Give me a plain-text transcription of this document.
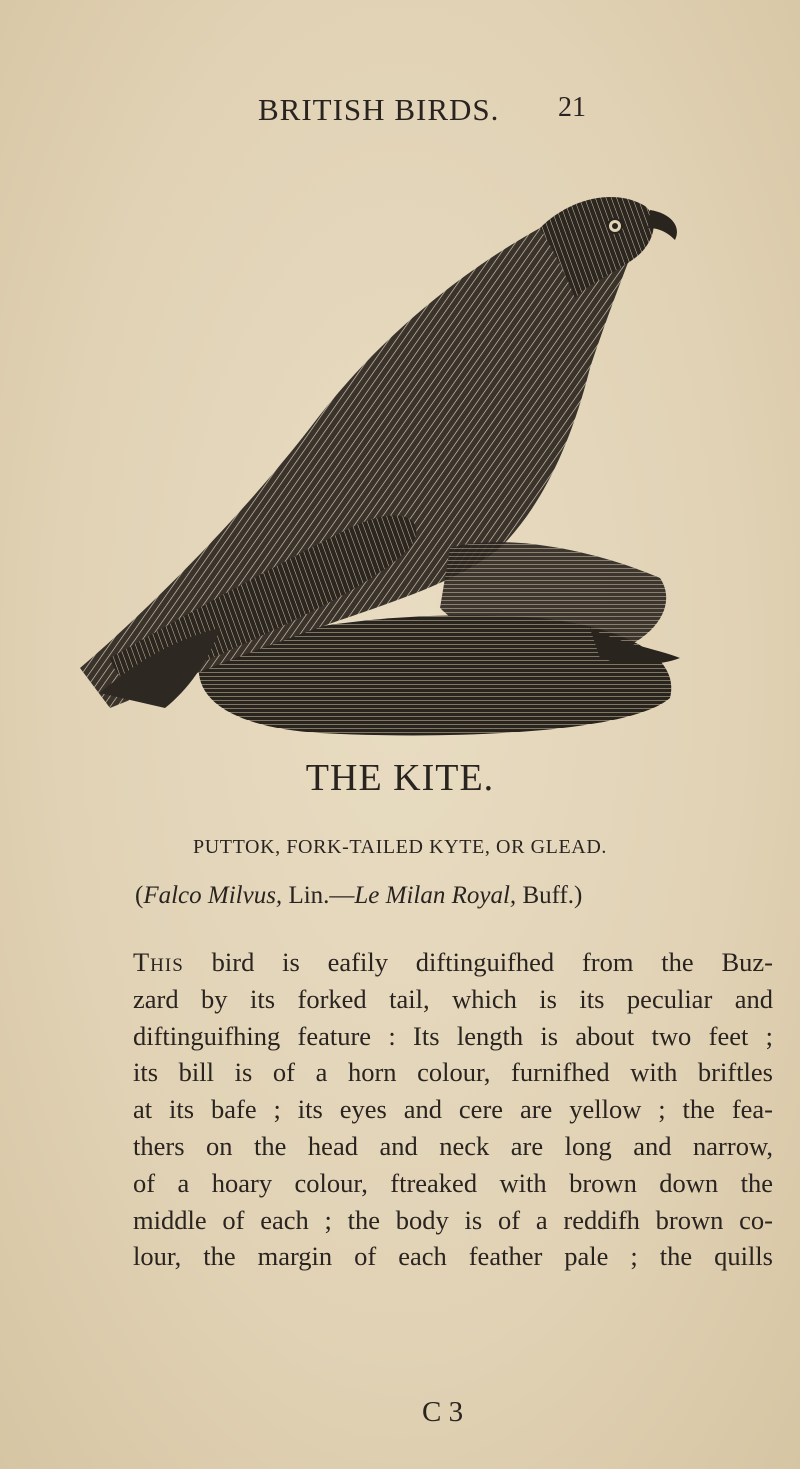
BRITISH BIRDS. 21
THE KITE.
PUTTOK, FORK-TAILED KYTE, OR GLEAD.
(Falco Milvus, Lin.—Le Milan Royal, Buff.)

This bird is eafily diftinguifhed from the Buz-

zard by its forked tail, which is its peculiar and

diftinguifhing feature : Its length is about two feet ;

its bill is of a horn colour, furnifhed with briftles

at its bafe ; its eyes and cere are yellow ; the fea-

thers on the head and neck are long and narrow,

of a hoary colour, ftreaked with brown down the

middle of each ; the body is of a reddifh brown co-

lour, the margin of each feather pale ; the quills

C 3
